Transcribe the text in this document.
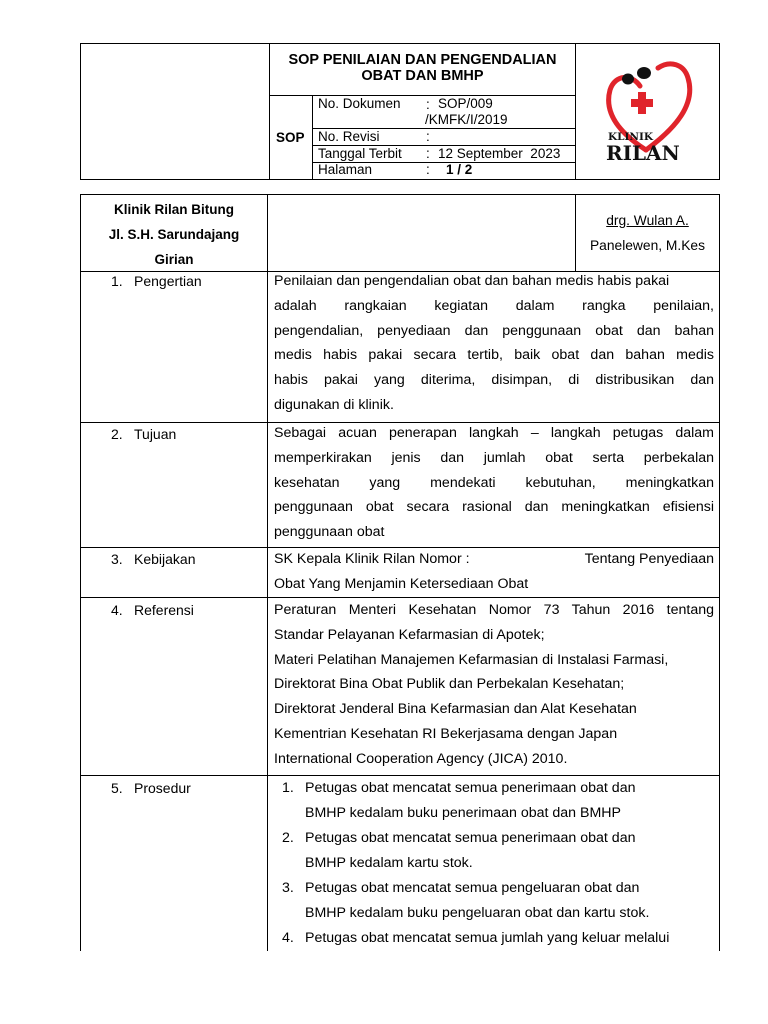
SOP PENILAIAN DAN PENGENDALIAN
OBAT DAN BMHP
SOP
No. Dokumen : SOP/009
/KMFK/I/2019
No. Revisi	:
Tanggal Terbit : 12 September  2023
Halaman	: 1 / 2
KLINIK
RILAN
Klinik Rilan Bitung
Jl. S.H. Sarundajang
Girian
drg. Wulan A.
Panelewen, M.Kes
1. Pengertian	Penilaian dan pengendalian obat dan bahan medis habis pakai
adalah rangkaian kegiatan dalam rangka penilaian,
pengendalian, penyediaan dan penggunaan obat dan bahan
medis habis pakai secara tertib, baik obat dan bahan medis
habis pakai yang diterima, disimpan, di distribusikan dan
digunakan di klinik.
2. Tujuan	Sebagai acuan penerapan langkah – langkah petugas dalam
memperkirakan jenis dan jumlah obat serta perbekalan
kesehatan yang mendekati kebutuhan, meningkatkan
penggunaan obat secara rasional dan meningkatkan efisiensi
penggunaan obat
3. Kebijakan	SK Kepala Klinik Rilan Nomor :	Tentang Penyediaan
Obat Yang Menjamin Ketersediaan Obat
4. Referensi	Peraturan Menteri Kesehatan Nomor 73 Tahun 2016 tentang
Standar Pelayanan Kefarmasian di Apotek;
Materi Pelatihan Manajemen Kefarmasian di Instalasi Farmasi,
Direktorat Bina Obat Publik dan Perbekalan Kesehatan;
Direktorat Jenderal Bina Kefarmasian dan Alat Kesehatan
Kementrian Kesehatan RI Bekerjasama dengan Japan
International Cooperation Agency (JICA) 2010.
5. Prosedur	1. Petugas obat mencatat semua penerimaan obat dan
BMHP kedalam buku penerimaan obat dan BMHP
2. Petugas obat mencatat semua penerimaan obat dan
BMHP kedalam kartu stok.
3. Petugas obat mencatat semua pengeluaran obat dan
BMHP kedalam buku pengeluaran obat dan kartu stok.
4. Petugas obat mencatat semua jumlah yang keluar melalui
